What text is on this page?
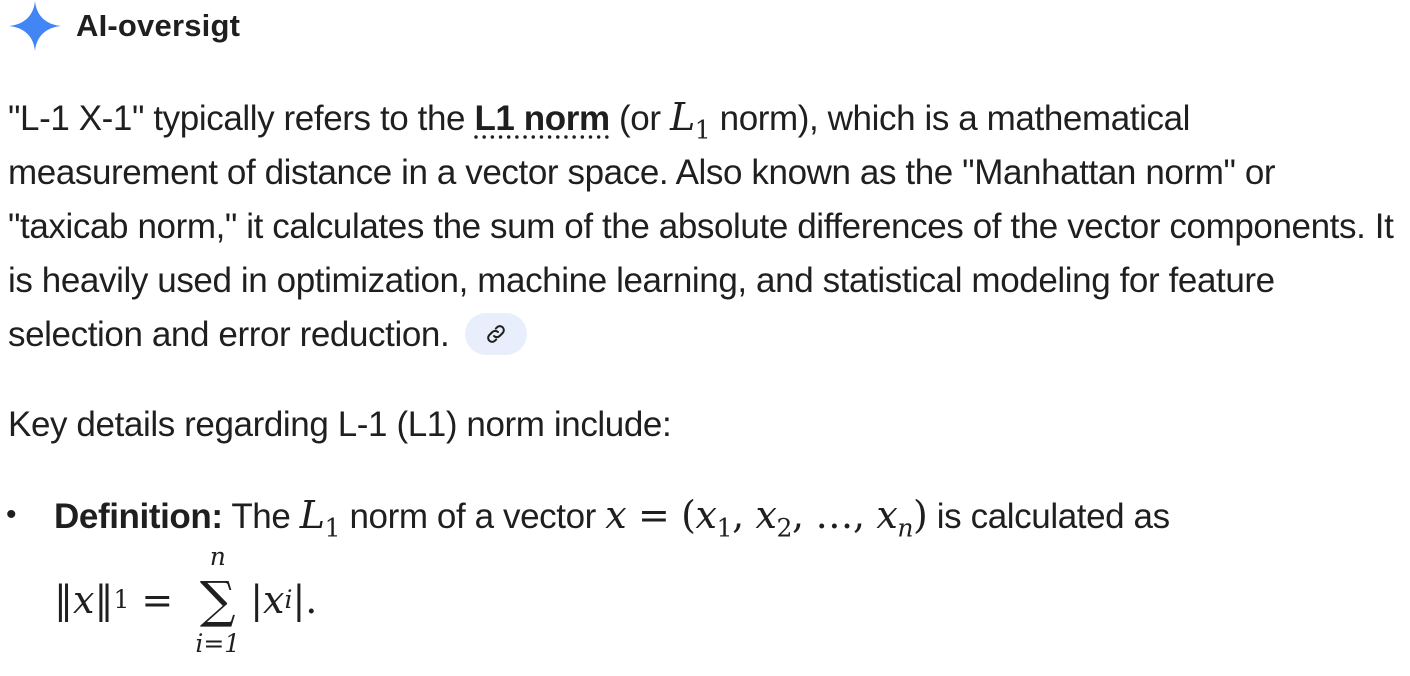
AI-oversigt
"L-1 X-1" typically refers to the L1 norm (or $L_1$ norm), which is a mathematical measurement of distance in a vector space. Also known as the "Manhattan norm" or "taxicab norm," it calculates the sum of the absolute differences of the vector components. It is heavily used in optimization, machine learning, and statistical modeling for feature selection and error reduction.
Key details regarding L-1 (L1) norm include:
• Definition: The $L_1$ norm of a vector $x = (x_1$, $x_2$, …, $x_n$) is calculated as
‖ x ‖ 1 =
n
∑
i=1
| x i |.
